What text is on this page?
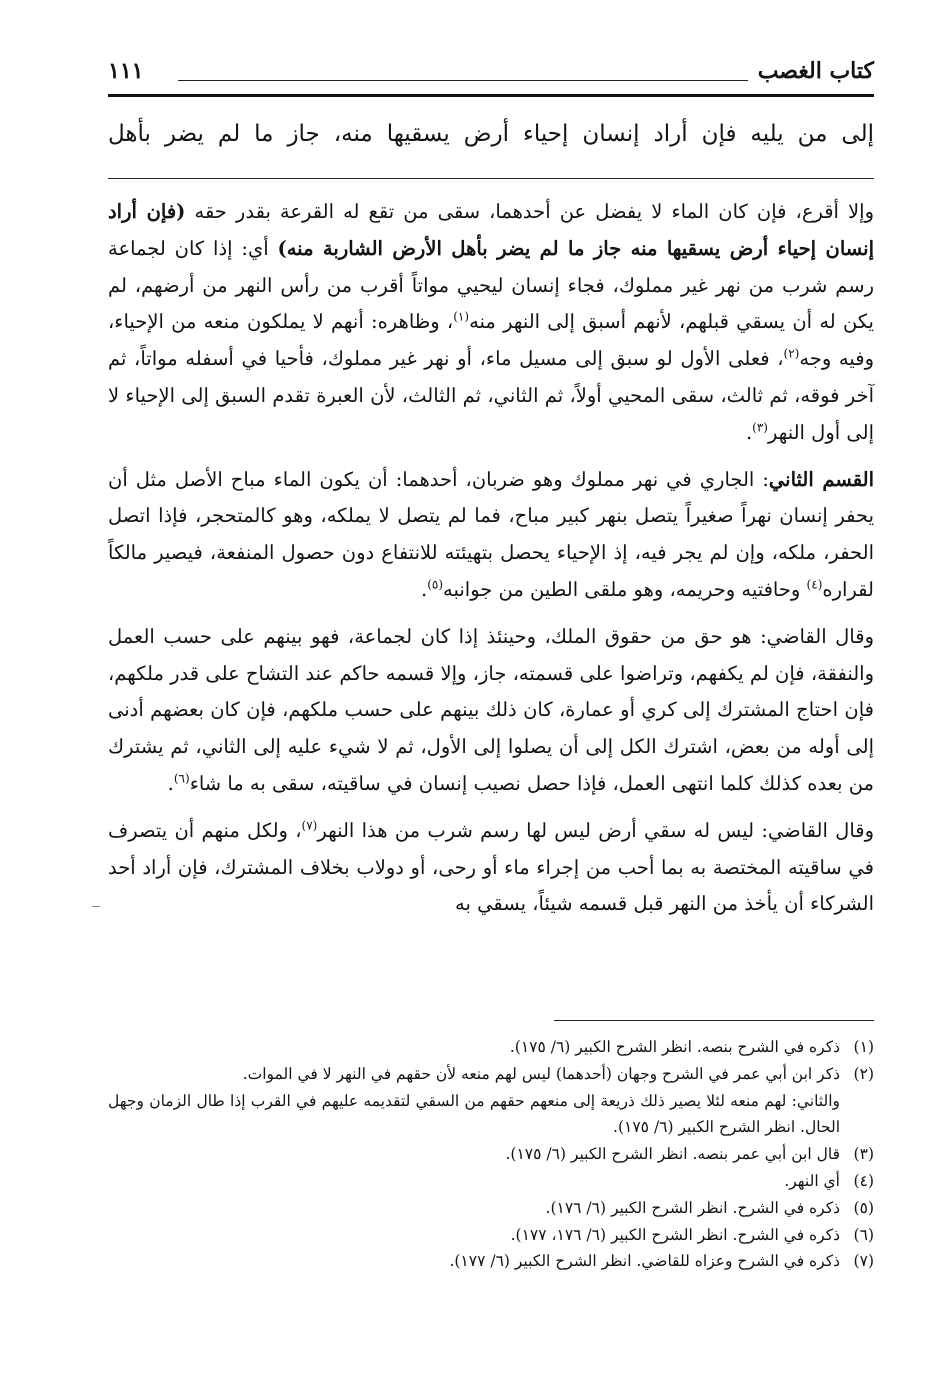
كتاب الغصب
١١١
إلى من يليه فإن أراد إنسان إحياء أرض يسقيها منه، جاز ما لم يضر بأهل

وإلا أقرع، فإن كان الماء لا يفضل عن أحدهما، سقى من تقع له القرعة بقدر حقه (فإن أراد إنسان إحياء أرض يسقيها منه جاز ما لم يضر بأهل الأرض الشاربة منه) أي: إذا كان لجماعة رسم شرب من نهر غير مملوك، فجاء إنسان ليحيي مواتاً أقرب من رأس النهر من أرضهم، لم يكن له أن يسقي قبلهم، لأنهم أسبق إلى النهر منه$^{(١)}$، وظاهره: أنهم لا يملكون منعه من الإحياء، وفيه وجه$^{(٢)}$، فعلى الأول لو سبق إلى مسيل ماء، أو نهر غير مملوك، فأحيا في أسفله مواتاً، ثم آخر فوقه، ثم ثالث، سقى المحيي أولاً، ثم الثاني، ثم الثالث، لأن العبرة تقدم السبق إلى الإحياء لا إلى أول النهر$^{(٣)}$.

القسم الثاني: الجاري في نهر مملوك وهو ضربان، أحدهما: أن يكون الماء مباح الأصل مثل أن يحفر إنسان نهراً صغيراً يتصل بنهر كبير مباح، فما لم يتصل لا يملكه، وهو كالمتحجر، فإذا اتصل الحفر، ملكه، وإن لم يجر فيه، إذ الإحياء يحصل بتهيئته للانتفاع دون حصول المنفعة، فيصير مالكاً لقراره$^{(٤)}$ وحافتيه وحريمه، وهو ملقى الطين من جوانبه$^{(٥)}$.

وقال القاضي: هو حق من حقوق الملك، وحينئذ إذا كان لجماعة، فهو بينهم على حسب العمل والنفقة، فإن لم يكفهم، وتراضوا على قسمته، جاز، وإلا قسمه حاكم عند التشاح على قدر ملكهم، فإن احتاج المشترك إلى كري أو عمارة، كان ذلك بينهم على حسب ملكهم، فإن كان بعضهم أدنى إلى أوله من بعض، اشترك الكل إلى أن يصلوا إلى الأول، ثم لا شيء عليه إلى الثاني، ثم يشترك من بعده كذلك كلما انتهى العمل، فإذا حصل نصيب إنسان في ساقيته، سقى به ما شاء$^{(٦)}$.

وقال القاضي: ليس له سقي أرض ليس لها رسم شرب من هذا النهر$^{(٧)}$، ولكل منهم أن يتصرف في ساقيته المختصة به بما أحب من إجراء ماء أو رحى، أو دولاب بخلاف المشترك، فإن أراد أحد الشركاء أن يأخذ من النهر قبل قسمه شيئاً، يسقي به

(١)
ذكره في الشرح بنصه. انظر الشرح الكبير (٦/ ١٧٥).
(٢)
ذكر ابن أبي عمر في الشرح وجهان (أحدهما) ليس لهم منعه لأن حقهم في النهر لا في الموات.
والثاني: لهم منعه لئلا يصير ذلك ذريعة إلى منعهم حقهم من السقي لتقديمه عليهم في القرب إذا طال الزمان وجهل الحال. انظر الشرح الكبير (٦/ ١٧٥).
(٣)
قال ابن أبي عمر بنصه. انظر الشرح الكبير (٦/ ١٧٥).
(٤)
أي النهر.
(٥)
ذكره في الشرح. انظر الشرح الكبير (٦/ ١٧٦).
(٦)
ذكره في الشرح. انظر الشرح الكبير (٦/ ١٧٦، ١٧٧).
(٧)
ذكره في الشرح وعزاه للقاضي. انظر الشرح الكبير (٦/ ١٧٧).
